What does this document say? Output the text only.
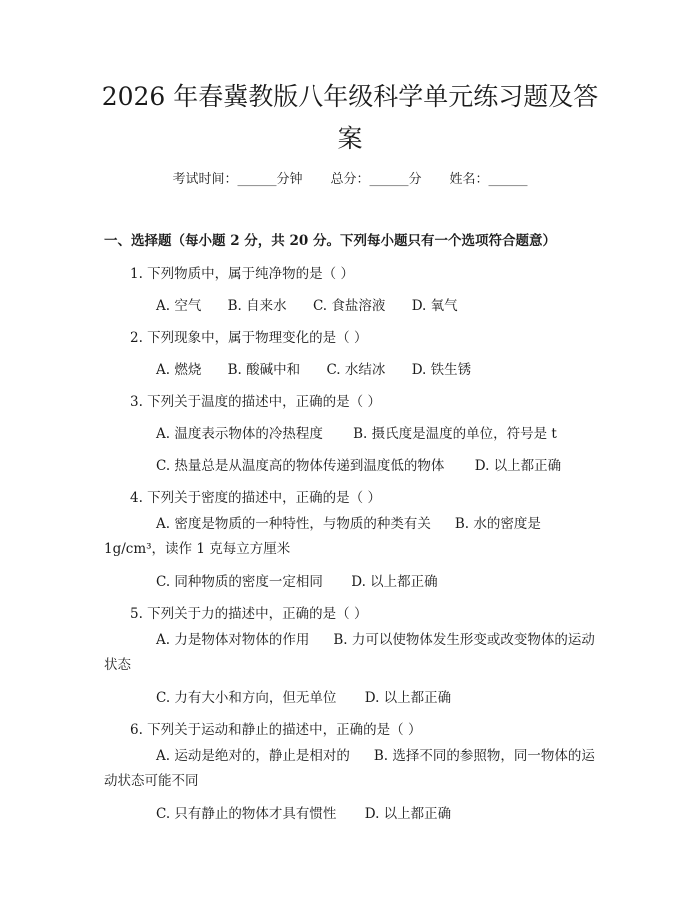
2026 年春冀教版八年级科学单元练习题及答案
考试时间：______分钟 总分：______分 姓名：______
一、选择题（每小题 2 分，共 20 分。下列每小题只有一个选项符合题意）
1. 下列物质中，属于纯净物的是（ ）
A. 空气 B. 自来水 C. 食盐溶液 D. 氧气
2. 下列现象中，属于物理变化的是（ ）
A. 燃烧 B. 酸碱中和 C. 水结冰 D. 铁生锈
3. 下列关于温度的描述中，正确的是（ ）
A. 温度表示物体的冷热程度 B. 摄氏度是温度的单位，符号是 t
C. 热量总是从温度高的物体传递到温度低的物体 D. 以上都正确
4. 下列关于密度的描述中，正确的是（ ）

A. 密度是物质的一种特性，与物质的种类有关 B. 水的密度是 1g/cm³，读作 1 克每立方厘米

C. 同种物质的密度一定相同 D. 以上都正确
5. 下列关于力的描述中，正确的是（ ）

A. 力是物体对物体的作用 B. 力可以使物体发生形变或改变物体的运动状态

C. 力有大小和方向，但无单位 D. 以上都正确
6. 下列关于运动和静止的描述中，正确的是（ ）

A. 运动是绝对的，静止是相对的 B. 选择不同的参照物，同一物体的运动状态可能不同

C. 只有静止的物体才具有惯性 D. 以上都正确
